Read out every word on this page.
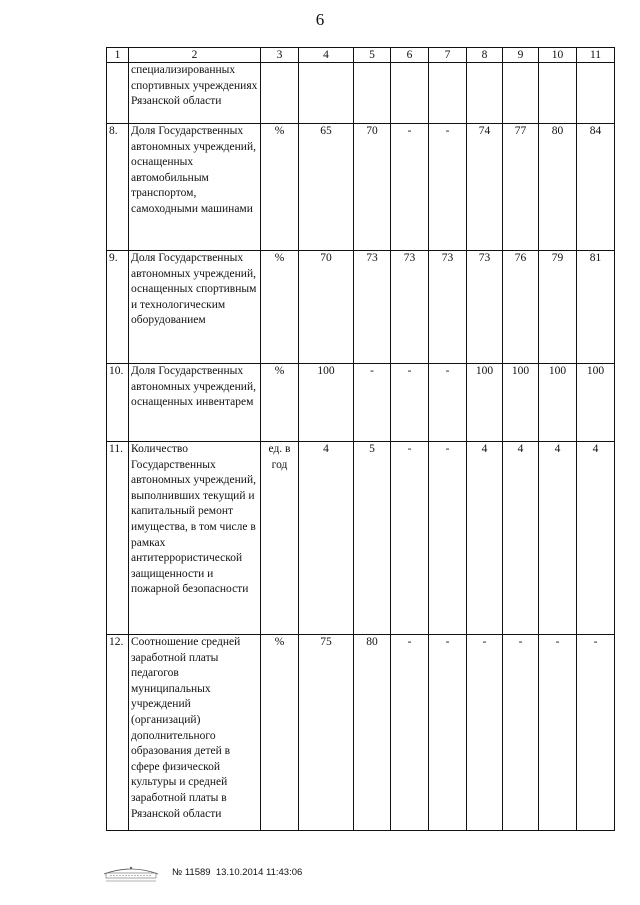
6
1	2	3	4	5	6	7	8	9	10	11
	специализированных спортивных учреждениях Рязанской области									
8.	Доля Государственных автономных учреждений, оснащенных автомобильным транспортом, самоходными машинами	%	65	70	-	-	74	77	80	84
9.	Доля Государственных автономных учреждений, оснащенных спортивным и технологическим оборудованием	%	70	73	73	73	73	76	79	81
10.	Доля Государственных автономных учреждений, оснащенных инвентарем	%	100	-	-	-	100	100	100	100
11.	Количество Государственных автономных учреждений, выполнивших текущий и капитальный ремонт имущества, в том числе в рамках антитеррористической защищенности и пожарной безопасности	ед. в год	4	5	-	-	4	4	4	4
12.	Соотношение средней заработной платы педагогов муниципальных учреждений (организаций) дополнительного образования детей в сфере физической культуры и средней заработной платы в Рязанской области	%	75	80	-	-	-	-	-	-
№ 11589 13.10.2014 11:43:06
